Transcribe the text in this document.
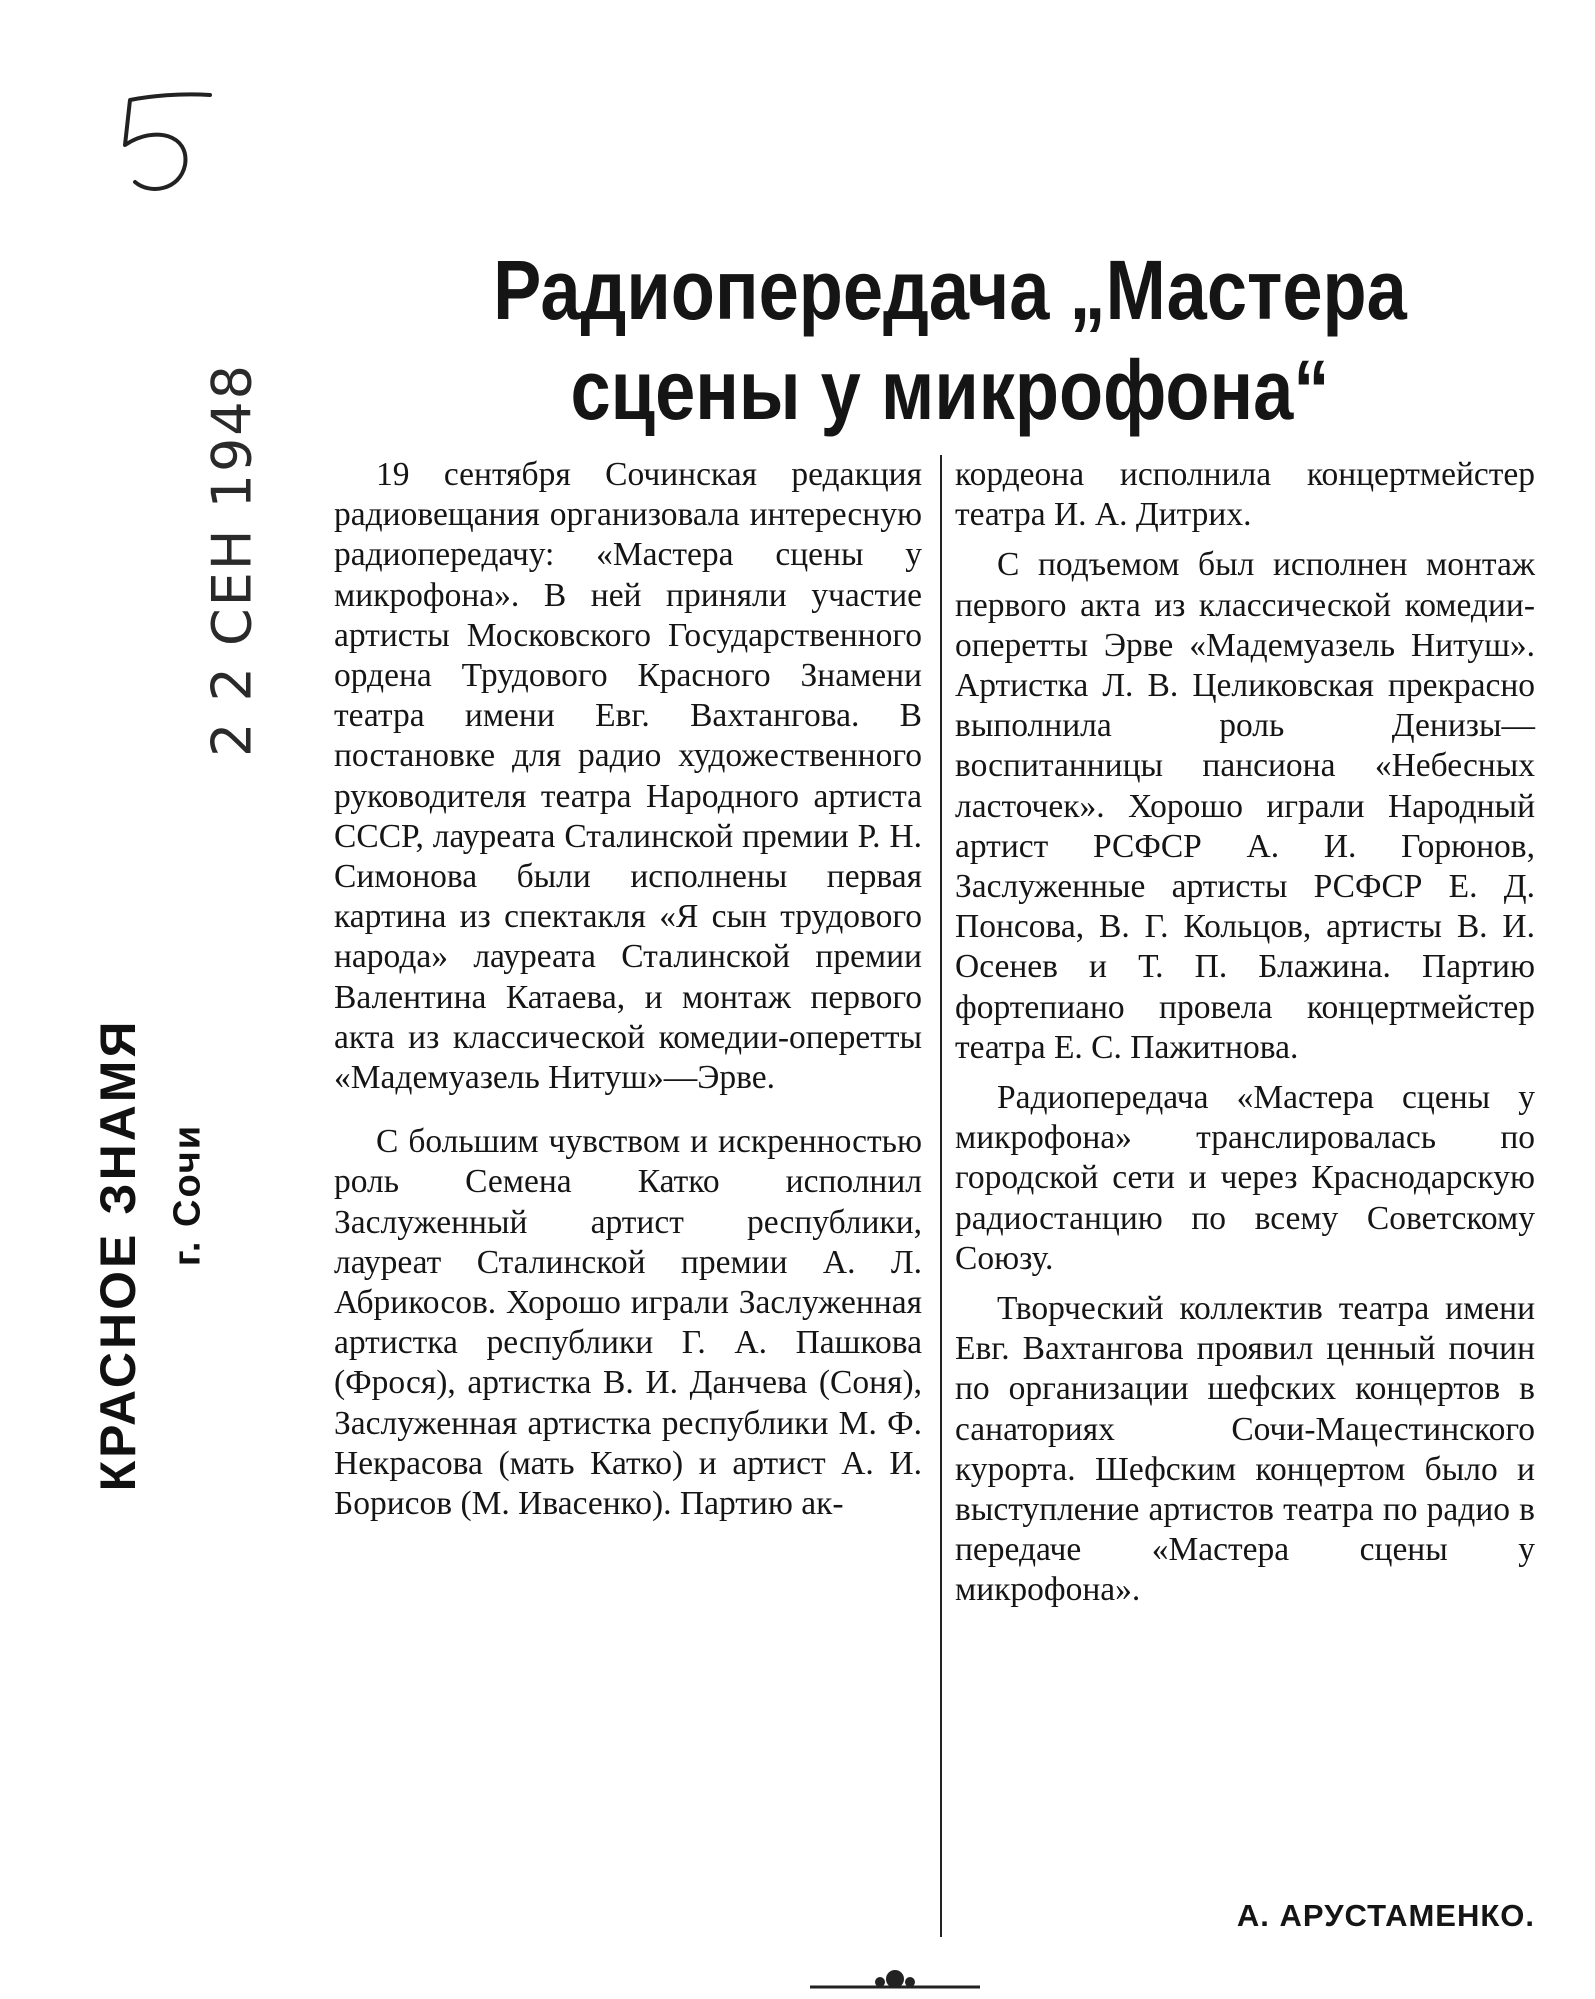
2 2 СЕН 1948
КРАСНОЕ ЗНАМЯ г. Сочи
Радиопередача „Мастера сцены у микрофона“

19 сентября Сочинская редакция радиовещания организовала интересную радиопередачу: «Мастера сцены у микрофона». В ней приняли участие артисты Московского Государственного ордена Трудового Красного Знамени театра имени Евг. Вахтангова. В постановке для радио художественного руководителя театра Народного артиста СССР, лауреата Сталинской премии Р. Н. Симонова были исполнены первая картина из спектакля «Я сын трудового народа» лауреата Сталинской премии Валентина Катаева, и монтаж первого акта из классической комедии-оперетты «Мадемуазель Нитуш»—Эрве.

С большим чувством и искренностью роль Семена Катко исполнил Заслуженный артист республики, лауреат Сталинской премии А. Л. Абрикосов. Хорошо играли Заслуженная артистка республики Г. А. Пашкова (Фрося), артистка В. И. Данчева (Соня), Заслуженная артистка республики М. Ф. Некрасова (мать Катко) и артист А. И. Борисов (М. Ивасенко). Партию ак-

кордеона исполнила концертмейстер театра И. А. Дитрих.

С подъемом был исполнен монтаж первого акта из классической комедии-оперетты Эрве «Мадемуазель Нитуш». Артистка Л. В. Целиковская прекрасно выполнила роль Денизы—воспитанницы пансиона «Небесных ласточек». Хорошо играли Народный артист РСФСР А. И. Горюнов, Заслуженные артисты РСФСР Е. Д. Понсова, В. Г. Кольцов, артисты В. И. Осенев и Т. П. Блажина. Партию фортепиано провела концертмейстер театра Е. С. Пажитнова.

Радиопередача «Мастера сцены у микрофона» транслировалась по городской сети и через Краснодарскую радиостанцию по всему Советскому Союзу.

Творческий коллектив театра имени Евг. Вахтангова проявил ценный почин по организации шефских концертов в санаториях Сочи-Мацестинского курорта. Шефским концертом было и выступление артистов театра по радио в передаче «Мастера сцены у микрофона».

А. АРУСТАМЕНКО.
